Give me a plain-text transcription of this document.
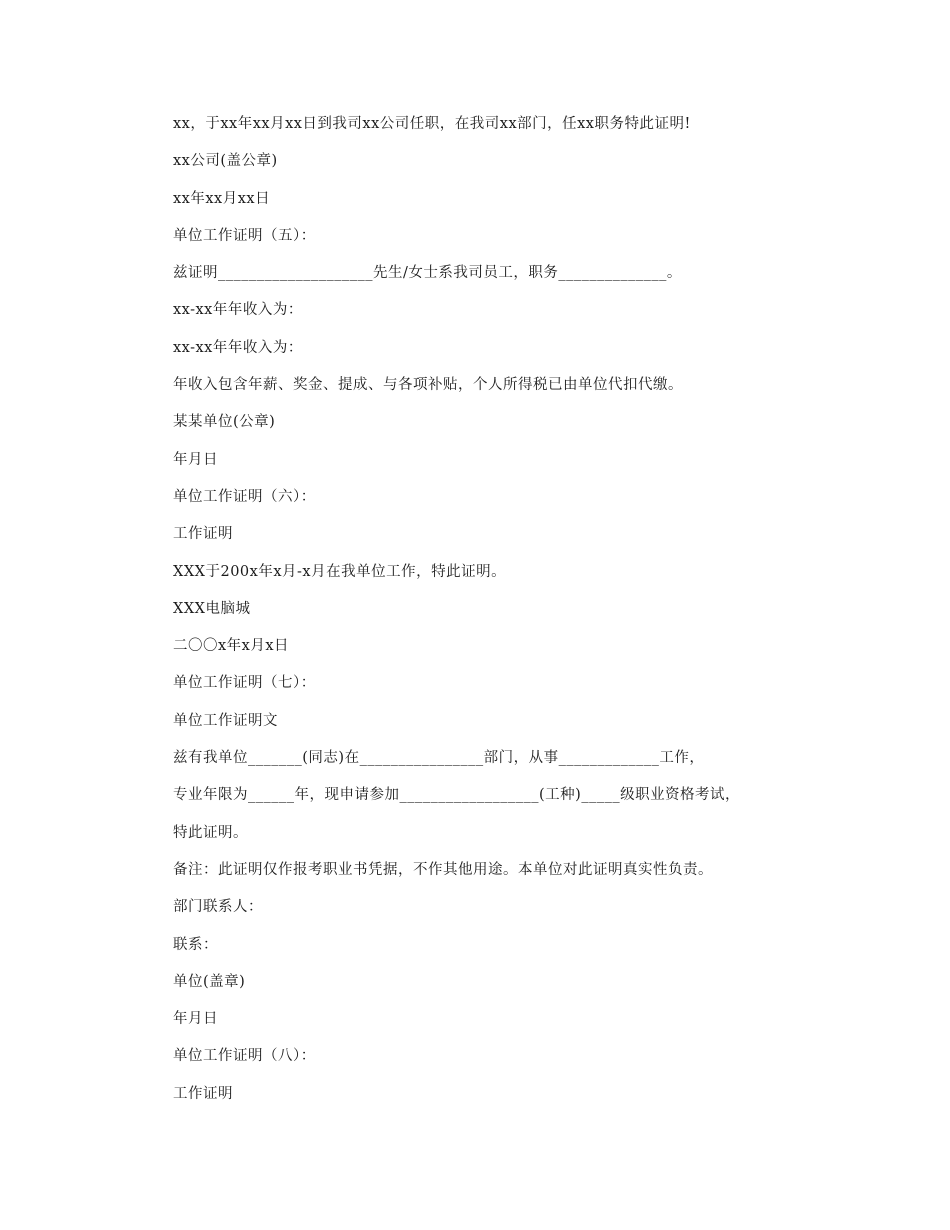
xx，于xx年xx月xx日到我司xx公司任职，在我司xx部门，任xx职务特此证明!
xx公司(盖公章)
xx年xx月xx日
单位工作证明（五）：
兹证明____________________先生/女士系我司员工，职务______________。
xx-xx年年收入为：
xx-xx年年收入为：
年收入包含年薪、奖金、提成、与各项补贴，个人所得税已由单位代扣代缴。
某某单位(公章)
年月日
单位工作证明（六）：
工作证明
XXX于200x年x月-x月在我单位工作，特此证明。
XXX电脑城
二〇〇x年x月x日
单位工作证明（七）：
单位工作证明文
兹有我单位_______(同志)在________________部门，从事_____________工作，
专业年限为______年，现申请参加__________________(工种)_____级职业资格考试，
特此证明。
备注：此证明仅作报考职业书凭据，不作其他用途。本单位对此证明真实性负责。
部门联系人：
联系：
单位(盖章)
年月日
单位工作证明（八）：
工作证明
